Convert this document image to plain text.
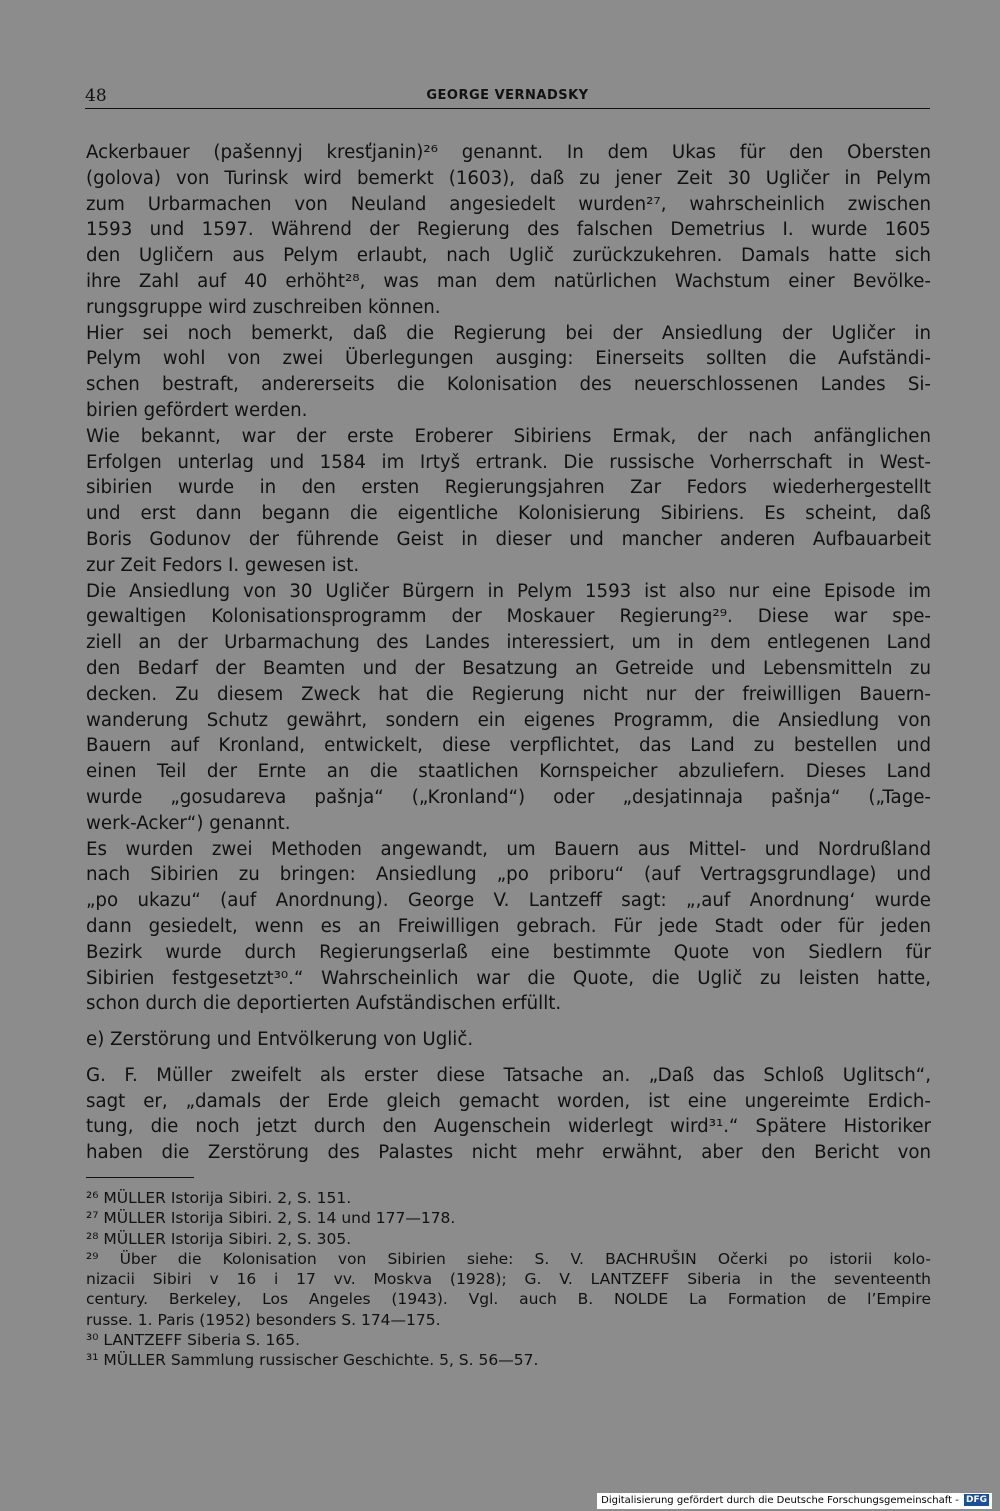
48	GEORGE VERNADSKY
Ackerbauer (pašennyj kresťjanin)²⁶ genannt. In dem Ukas für den Obersten
(golova) von Turinsk wird bemerkt (1603), daß zu jener Zeit 30 Ugličer in Pelym
zum Urbarmachen von Neuland angesiedelt wurden²⁷, wahrscheinlich zwischen
1593 und 1597. Während der Regierung des falschen Demetrius I. wurde 1605
den Ugličern aus Pelym erlaubt, nach Uglič zurückzukehren. Damals hatte sich
ihre Zahl auf 40 erhöht²⁸, was man dem natürlichen Wachstum einer Bevölke-
rungsgruppe wird zuschreiben können.
Hier sei noch bemerkt, daß die Regierung bei der Ansiedlung der Ugličer in
Pelym wohl von zwei Überlegungen ausging: Einerseits sollten die Aufständi-
schen bestraft, andererseits die Kolonisation des neuerschlossenen Landes Si-
birien gefördert werden.
Wie bekannt, war der erste Eroberer Sibiriens Ermak, der nach anfänglichen
Erfolgen unterlag und 1584 im Irtyš ertrank. Die russische Vorherrschaft in West-
sibirien wurde in den ersten Regierungsjahren Zar Fedors wiederhergestellt
und erst dann begann die eigentliche Kolonisierung Sibiriens. Es scheint, daß
Boris Godunov der führende Geist in dieser und mancher anderen Aufbauarbeit
zur Zeit Fedors I. gewesen ist.
Die Ansiedlung von 30 Ugličer Bürgern in Pelym 1593 ist also nur eine Episode im
gewaltigen Kolonisationsprogramm der Moskauer Regierung²⁹. Diese war spe-
ziell an der Urbarmachung des Landes interessiert, um in dem entlegenen Land
den Bedarf der Beamten und der Besatzung an Getreide und Lebensmitteln zu
decken. Zu diesem Zweck hat die Regierung nicht nur der freiwilligen Bauern-
wanderung Schutz gewährt, sondern ein eigenes Programm, die Ansiedlung von
Bauern auf Kronland, entwickelt, diese verpflichtet, das Land zu bestellen und
einen Teil der Ernte an die staatlichen Kornspeicher abzuliefern. Dieses Land
wurde „gosudareva pašnja“ („Kronland“) oder „desjatinnaja pašnja“ („Tage-
werk-Acker“) genannt.
Es wurden zwei Methoden angewandt, um Bauern aus Mittel- und Nordrußland
nach Sibirien zu bringen: Ansiedlung „po priboru“ (auf Vertragsgrundlage) und
„po ukazu“ (auf Anordnung). George V. Lantzeff sagt: „‚auf Anordnung‘ wurde
dann gesiedelt, wenn es an Freiwilligen gebrach. Für jede Stadt oder für jeden
Bezirk wurde durch Regierungserlaß eine bestimmte Quote von Siedlern für
Sibirien festgesetzt³⁰.“ Wahrscheinlich war die Quote, die Uglič zu leisten hatte,
schon durch die deportierten Aufständischen erfüllt.
e) Zerstörung und Entvölkerung von Uglič.
G. F. Müller zweifelt als erster diese Tatsache an. „Daß das Schloß Uglitsch“,
sagt er, „damals der Erde gleich gemacht worden, ist eine ungereimte Erdich-
tung, die noch jetzt durch den Augenschein widerlegt wird³¹.“ Spätere Historiker
haben die Zerstörung des Palastes nicht mehr erwähnt, aber den Bericht von
²⁶ MÜLLER Istorija Sibiri. 2, S. 151.
²⁷ MÜLLER Istorija Sibiri. 2, S. 14 und 177—178.
²⁸ MÜLLER Istorija Sibiri. 2, S. 305.
²⁹ Über die Kolonisation von Sibirien siehe: S. V. BACHRUŠIN Očerki po istorii kolo-
nizacii Sibiri v 16 i 17 vv. Moskva (1928); G. V. LANTZEFF Siberia in the seventeenth
century. Berkeley, Los Angeles (1943). Vgl. auch B. NOLDE La Formation de l’Empire
russe. 1. Paris (1952) besonders S. 174—175.
³⁰ LANTZEFF Siberia S. 165.
³¹ MÜLLER Sammlung russischer Geschichte. 5, S. 56—57.
Digitalisierung gefördert durch die Deutsche Forschungsgemeinschaft - DFG
